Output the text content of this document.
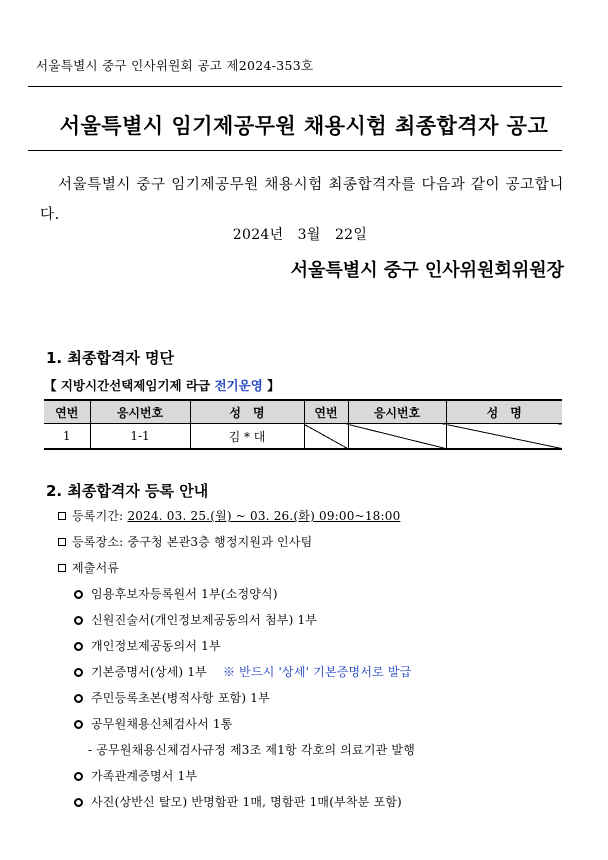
서울특별시 중구 인사위원회 공고 제2024-353호
서울특별시 임기제공무원 채용시험 최종합격자 공고
서울특별시 중구 임기제공무원 채용시험 최종합격자를 다음과 같이 공고합니다.
2024년   3월   22일
서울특별시 중구 인사위원회위원장
1. 최종합격자 명단
【 지방시간선택제임기제 라급 전기운영 】
연번	응시번호	성　명	연번	응시번호	성　명
1	1-1	김 * 대			
2. 최종합격자 등록 안내
등록기간: 2024. 03. 25.(월) ~ 03. 26.(화) 09:00~18:00
등록장소: 중구청 본관3층 행정지원과 인사팀
제출서류
임용후보자등록원서 1부(소정양식)
신원진술서(개인정보제공동의서 첨부) 1부
개인정보제공동의서 1부
기본증명서(상세) 1부 ※ 반드시 '상세' 기본증명서로 발급
주민등록초본(병적사항 포함) 1부
공무원채용신체검사서 1통
- 공무원채용신체검사규정 제3조 제1항 각호의 의료기관 발행
가족관계증명서 1부
사진(상반신 탈모) 반명함판 1매, 명함판 1매(부착분 포함)
